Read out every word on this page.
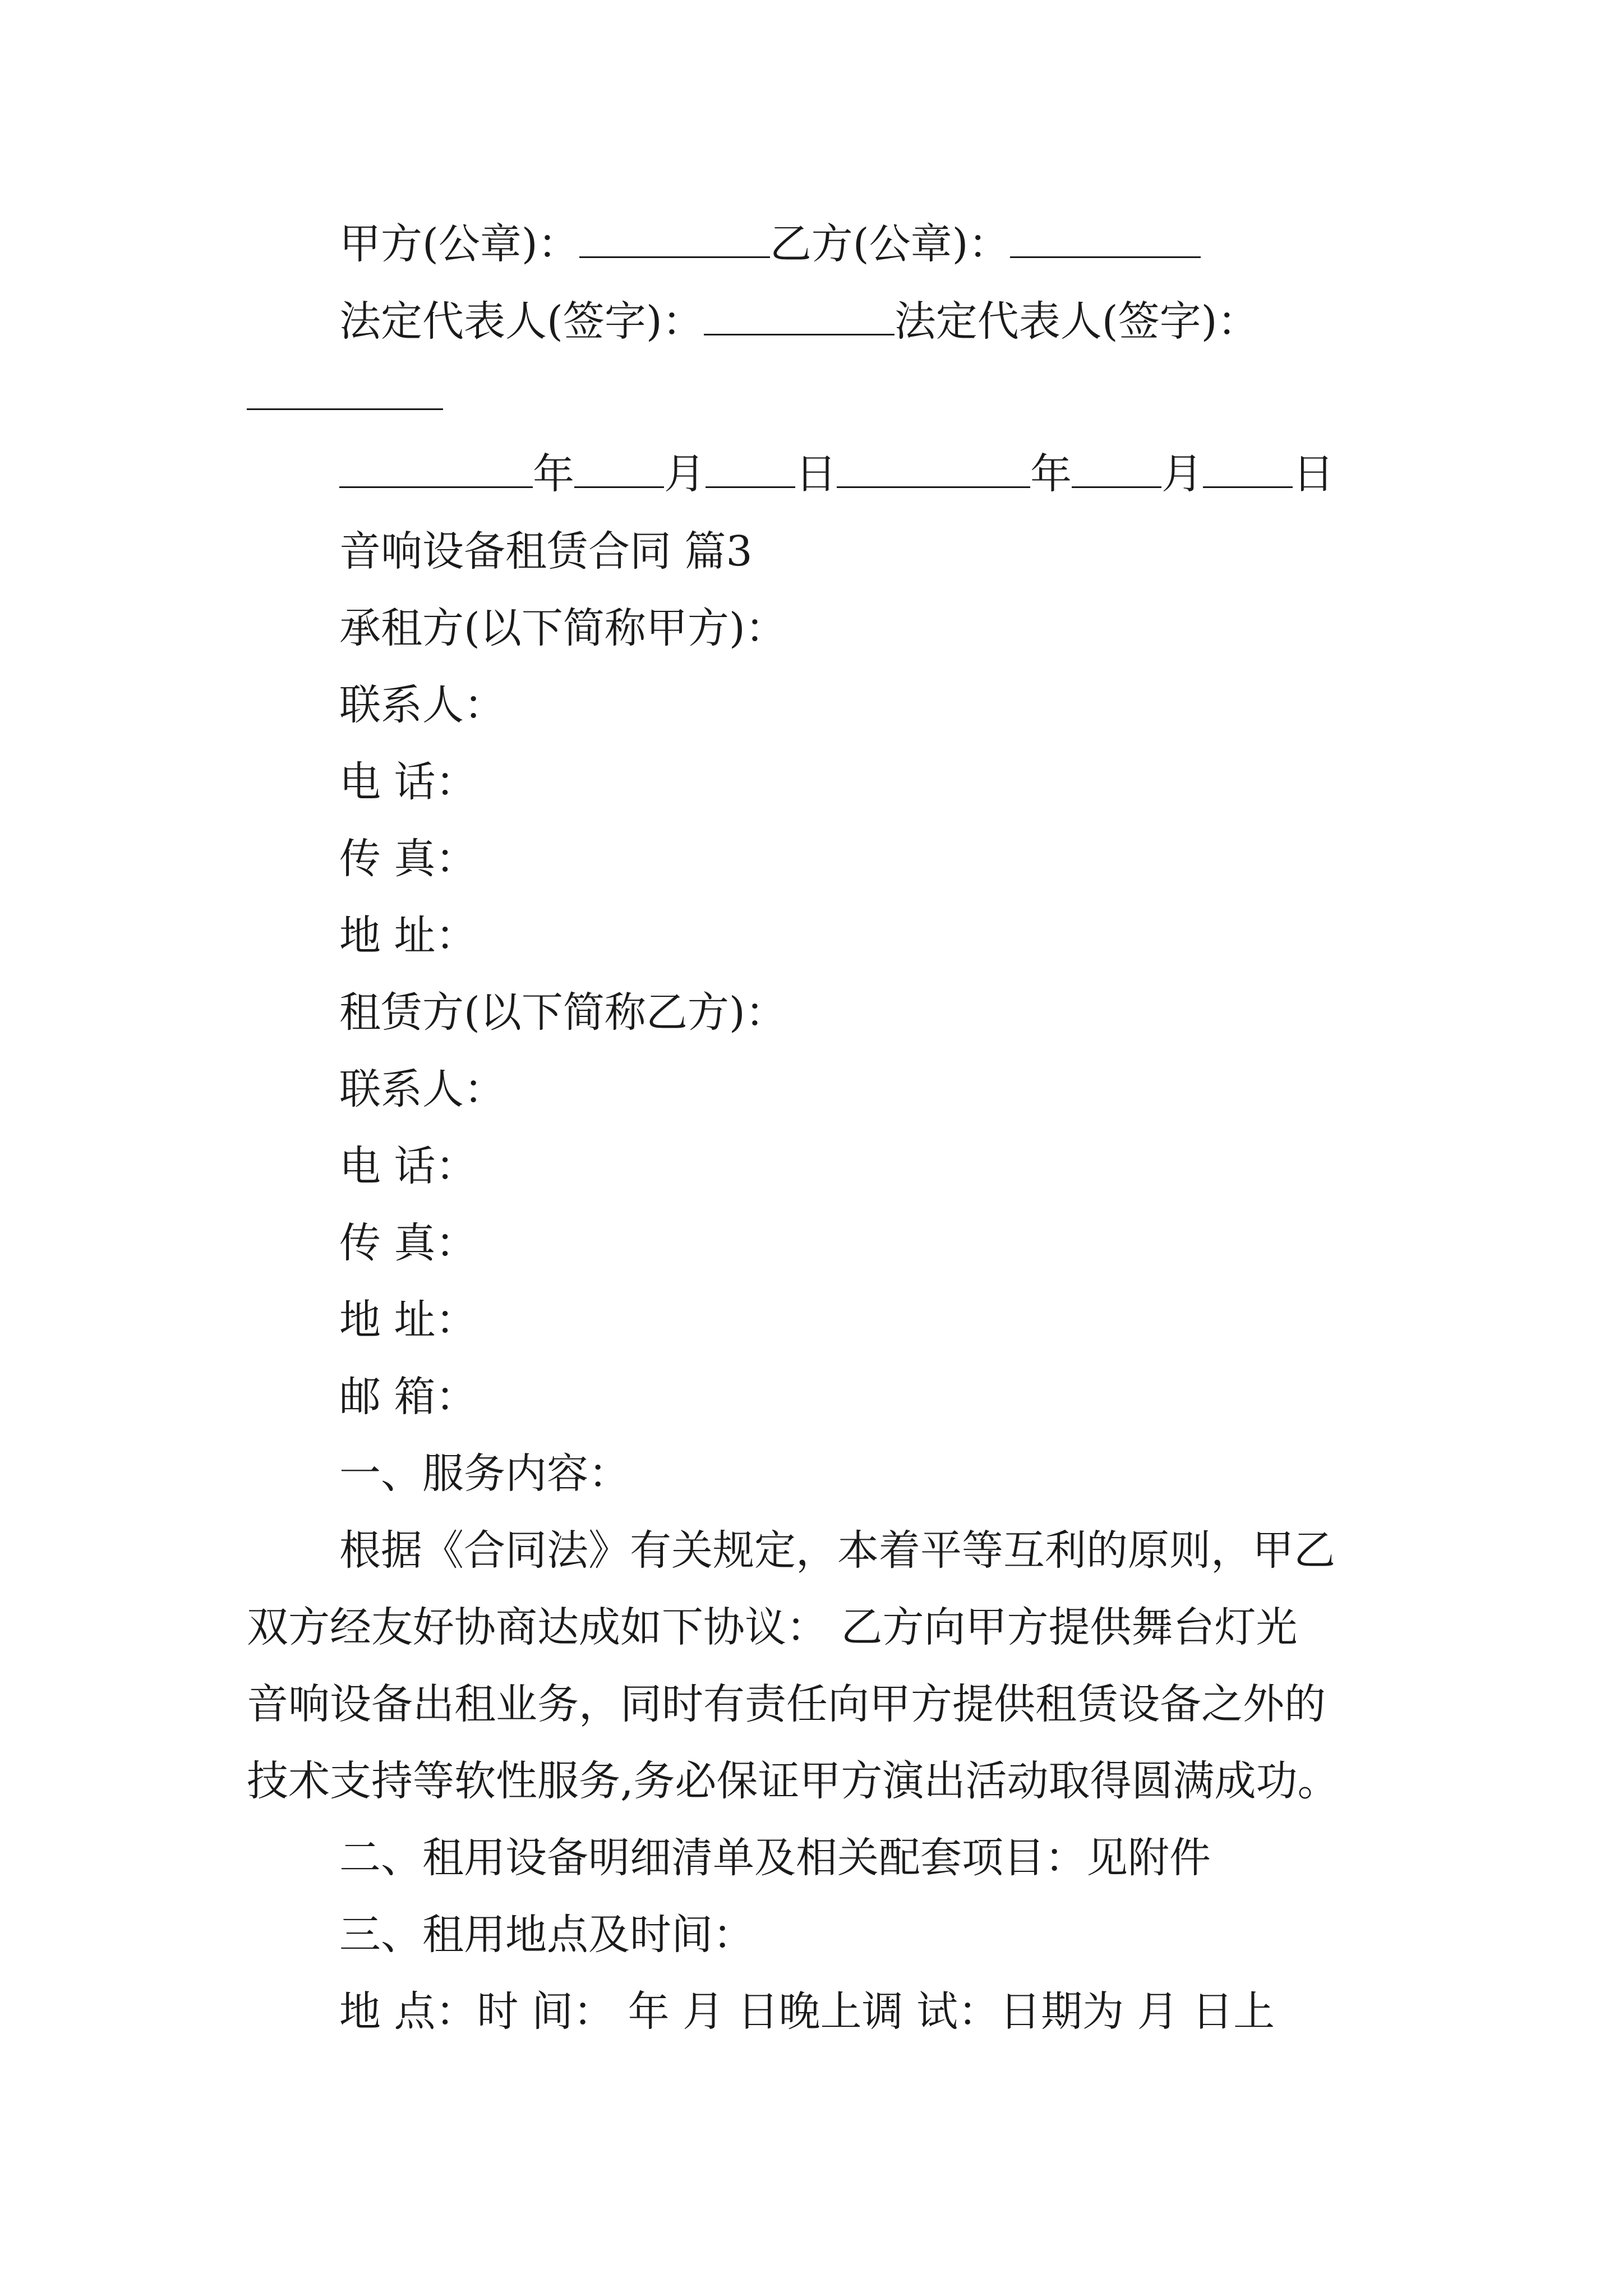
甲方(公章)：	乙方(公章)：
法定代表人(签字)：	法定代表人(签字)：
年 月 日	年 月 日
音响设备租赁合同 篇3
承租方(以下简称甲方)：
联系人：
电 话：
传 真：
地 址：
租赁方(以下简称乙方)：
联系人：
电 话：
传 真：
地 址：
邮 箱：
一、服务内容：
根据《合同法》有关规定，本着平等互利的原则，甲乙
双方经友好协商达成如下协议： 乙方向甲方提供舞台灯光
音响设备出租业务，同时有责任向甲方提供租赁设备之外的
技术支持等软性服务,务必保证甲方演出活动取得圆满成功。
二、租用设备明细清单及相关配套项目：见附件
三、租用地点及时间：
地 点：时 间： 年 月 日晚上调 试：日期为 月 日上
